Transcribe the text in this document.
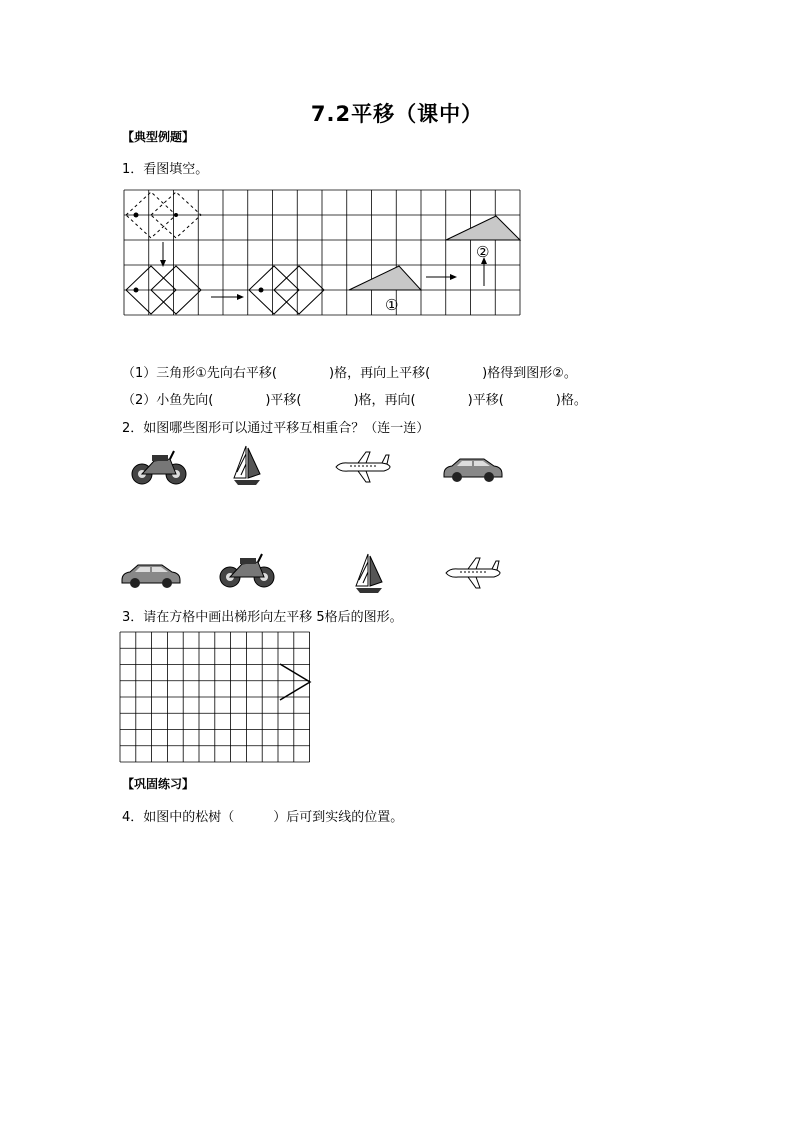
7.2平移（课中）
【典型例题】
1．看图填空。
①
②
（1）三角形①先向右平移(　　　　)格，再向上平移(　　　　)格得到图形②。
（2）小鱼先向(　　　　)平移(　　　　)格，再向(　　　　)平移(　　　　)格。
2．如图哪些图形可以通过平移互相重合？（连一连）
3．请在方格中画出梯形向左平移 5格后的图形。
【巩固练习】
4．如图中的松树（　　　）后可到实线的位置。
